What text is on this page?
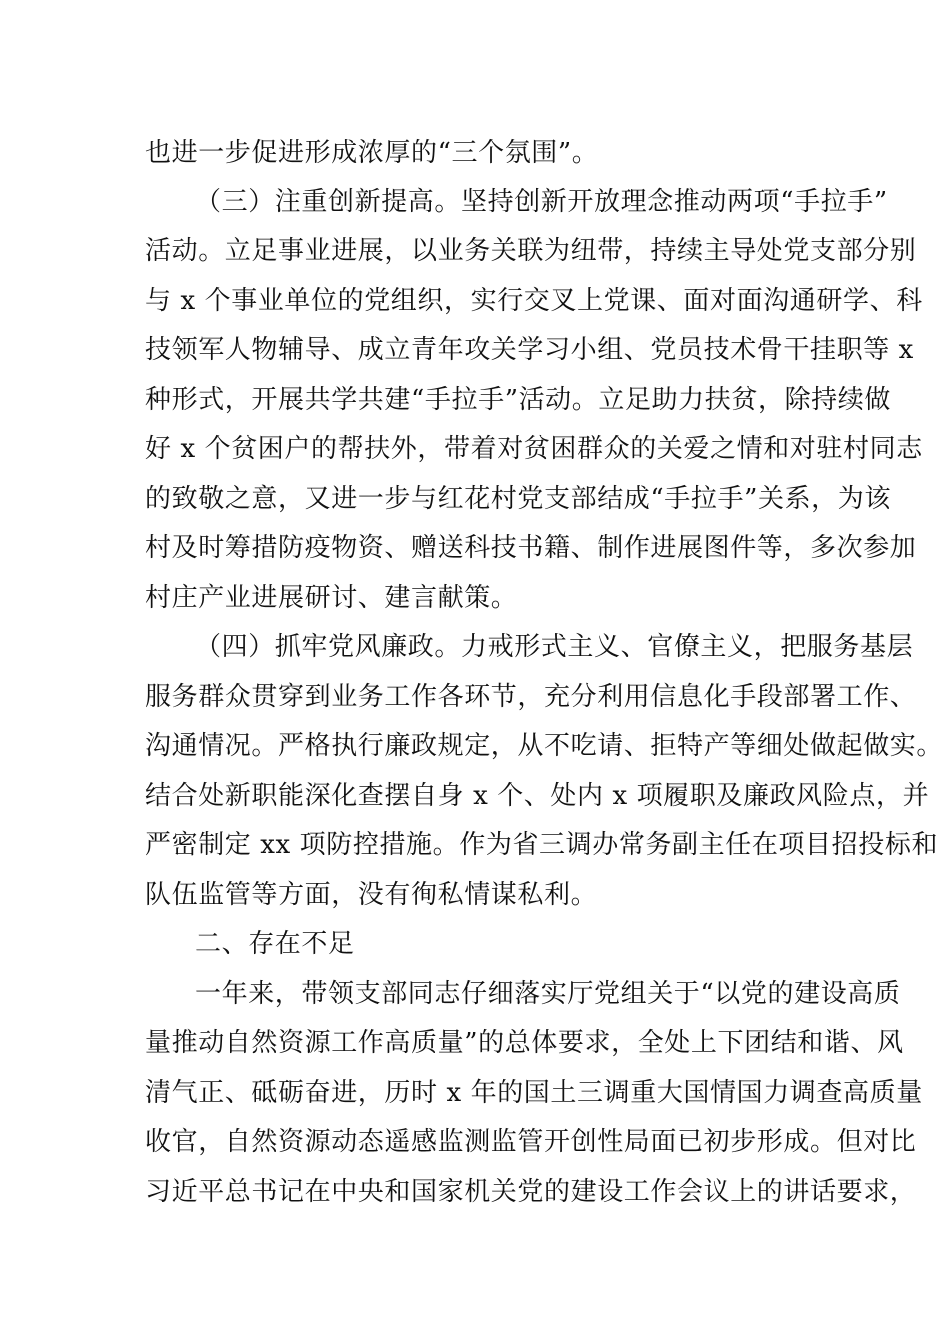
也进一步促进形成浓厚的“三个氛围”。
（三）注重创新提高。坚持创新开放理念推动两项“手拉手”
活动。立足事业进展，以业务关联为纽带，持续主导处党支部分别
与 x 个事业单位的党组织，实行交叉上党课、面对面沟通研学、科
技领军人物辅导、成立青年攻关学习小组、党员技术骨干挂职等 x
种形式，开展共学共建“手拉手”活动。立足助力扶贫，除持续做
好 x 个贫困户的帮扶外，带着对贫困群众的关爱之情和对驻村同志
的致敬之意，又进一步与红花村党支部结成“手拉手”关系，为该
村及时筹措防疫物资、赠送科技书籍、制作进展图件等，多次参加
村庄产业进展研讨、建言献策。
（四）抓牢党风廉政。力戒形式主义、官僚主义，把服务基层
服务群众贯穿到业务工作各环节，充分利用信息化手段部署工作、
沟通情况。严格执行廉政规定，从不吃请、拒特产等细处做起做实。
结合处新职能深化查摆自身 x 个、处内 x 项履职及廉政风险点，并
严密制定 xx 项防控措施。作为省三调办常务副主任在项目招投标和
队伍监管等方面，没有徇私情谋私利。
二、存在不足
一年来，带领支部同志仔细落实厅党组关于“以党的建设高质
量推动自然资源工作高质量”的总体要求，全处上下团结和谐、风
清气正、砥砺奋进，历时 x 年的国土三调重大国情国力调查高质量
收官，自然资源动态遥感监测监管开创性局面已初步形成。但对比
习近平总书记在中央和国家机关党的建设工作会议上的讲话要求，
